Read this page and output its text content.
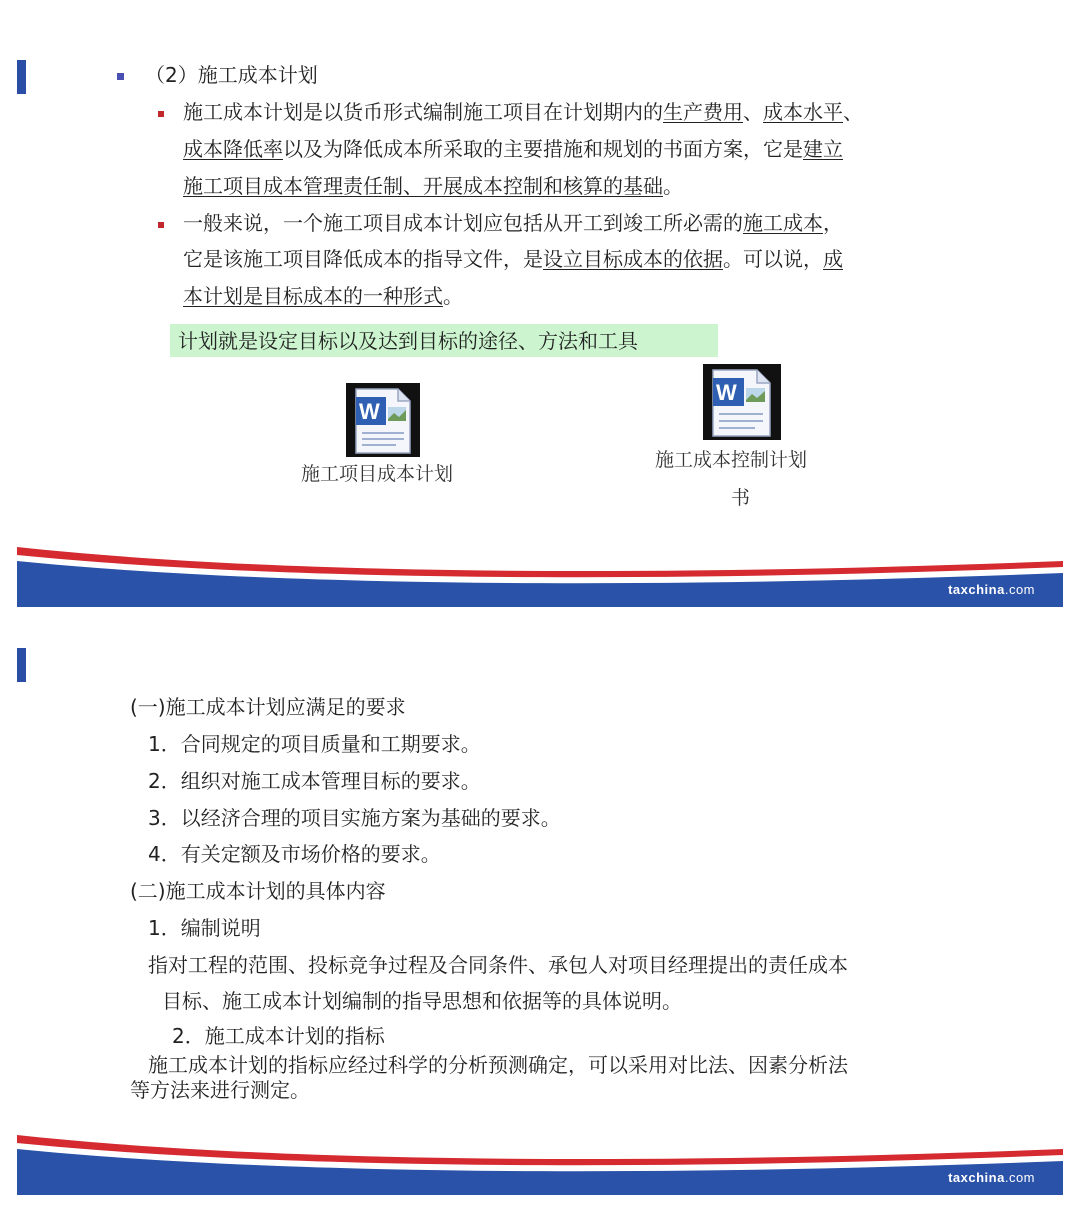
（2）施工成本计划
施工成本计划是以货币形式编制施工项目在计划期内的生产费用、成本水平、
成本降低率以及为降低成本所采取的主要措施和规划的书面方案，它是建立
施工项目成本管理责任制、开展成本控制和核算的基础。
一般来说，一个施工项目成本计划应包括从开工到竣工所必需的施工成本，
它是该施工项目降低成本的指导文件，是设立目标成本的依据。可以说，成
本计划是目标成本的一种形式。
计划就是设定目标以及达到目标的途径、方法和工具
W
施工项目成本计划
W
施工成本控制计划
书
taxchina.com
(一)施工成本计划应满足的要求
1．合同规定的项目质量和工期要求。
2．组织对施工成本管理目标的要求。
3．以经济合理的项目实施方案为基础的要求。
4．有关定额及市场价格的要求。
(二)施工成本计划的具体内容
1．编制说明
指对工程的范围、投标竞争过程及合同条件、承包人对项目经理提出的责任成本
目标、施工成本计划编制的指导思想和依据等的具体说明。
2．施工成本计划的指标
施工成本计划的指标应经过科学的分析预测确定，可以采用对比法、因素分析法
等方法来进行测定。
taxchina.com
